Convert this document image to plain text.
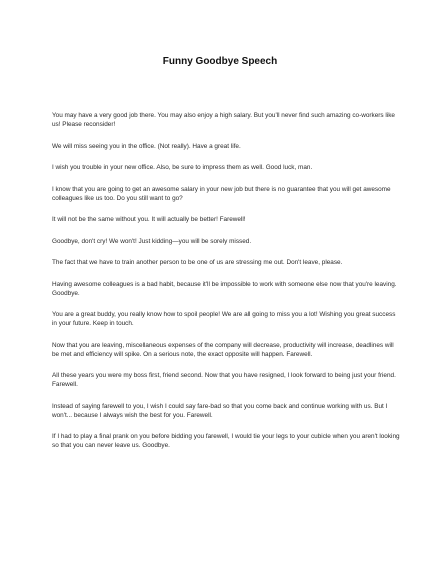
Funny Goodbye Speech

You may have a very good job there. You may also enjoy a high salary. But you'll never find such amazing co-workers like us! Please reconsider!

We will miss seeing you in the office. (Not really). Have a great life.

I wish you trouble in your new office. Also, be sure to impress them as well. Good luck, man.

I know that you are going to get an awesome salary in your new job but there is no guarantee that you will get awesome colleagues like us too. Do you still want to go?

It will not be the same without you. It will actually be better! Farewell!

Goodbye, don't cry! We won't! Just kidding—you will be sorely missed.

The fact that we have to train another person to be one of us are stressing me out. Don't leave, please.

Having awesome colleagues is a bad habit, because it'll be impossible to work with someone else now that you're leaving. Goodbye.

You are a great buddy, you really know how to spoil people! We are all going to miss you a lot! Wishing you great success in your future. Keep in touch.

Now that you are leaving, miscellaneous expenses of the company will decrease, productivity will increase, deadlines will be met and efficiency will spike. On a serious note, the exact opposite will happen. Farewell.

All these years you were my boss first, friend second. Now that you have resigned, I look forward to being just your friend. Farewell.

Instead of saying farewell to you, I wish I could say fare-bad so that you come back and continue working with us. But I won't... because I always wish the best for you. Farewell.

If I had to play a final prank on you before bidding you farewell, I would tie your legs to your cubicle when you aren't looking so that you can never leave us. Goodbye.
